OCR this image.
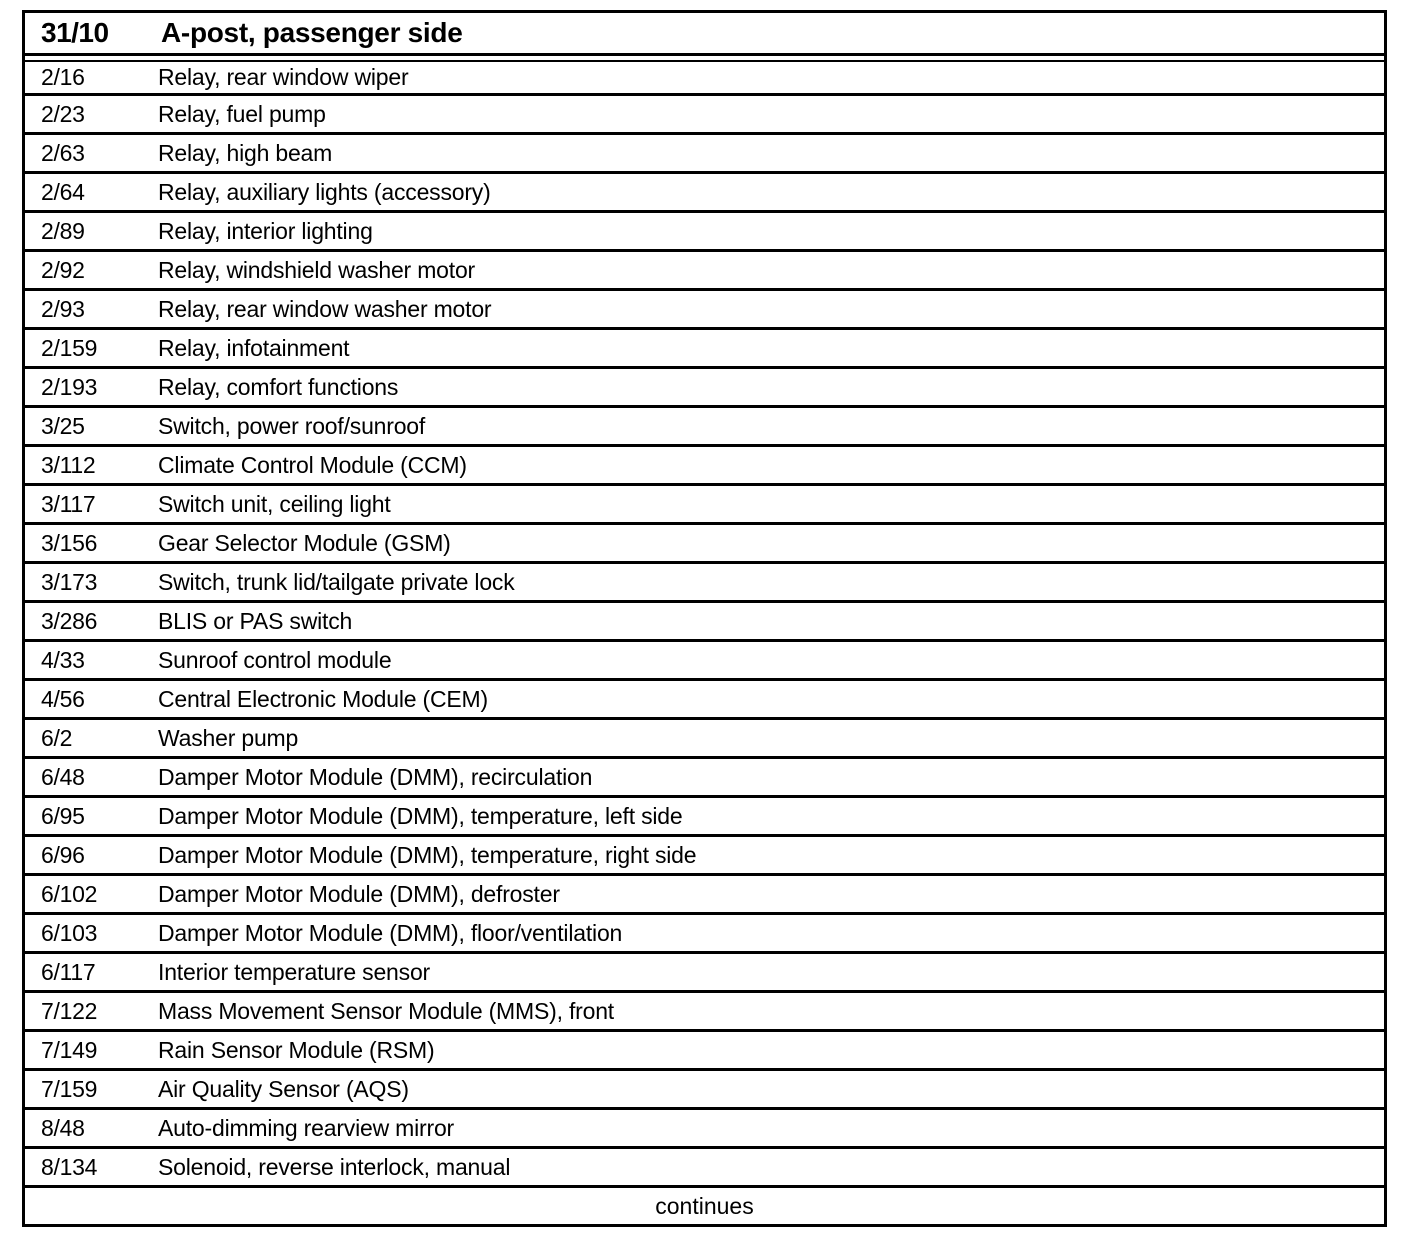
31/10	A-post, passenger side
2/16	Relay, rear window wiper
2/23	Relay, fuel pump
2/63	Relay, high beam
2/64	Relay, auxiliary lights (accessory)
2/89	Relay, interior lighting
2/92	Relay, windshield washer motor
2/93	Relay, rear window washer motor
2/159	Relay, infotainment
2/193	Relay, comfort functions
3/25	Switch, power roof/sunroof
3/112	Climate Control Module (CCM)
3/117	Switch unit, ceiling light
3/156	Gear Selector Module (GSM)
3/173	Switch, trunk lid/tailgate private lock
3/286	BLIS or PAS switch
4/33	Sunroof control module
4/56	Central Electronic Module (CEM)
6/2	Washer pump
6/48	Damper Motor Module (DMM), recirculation
6/95	Damper Motor Module (DMM), temperature, left side
6/96	Damper Motor Module (DMM), temperature, right side
6/102	Damper Motor Module (DMM), defroster
6/103	Damper Motor Module (DMM), floor/ventilation
6/117	Interior temperature sensor
7/122	Mass Movement Sensor Module (MMS), front
7/149	Rain Sensor Module (RSM)
7/159	Air Quality Sensor (AQS)
8/48	Auto-dimming rearview mirror
8/134	Solenoid, reverse interlock, manual
continues
